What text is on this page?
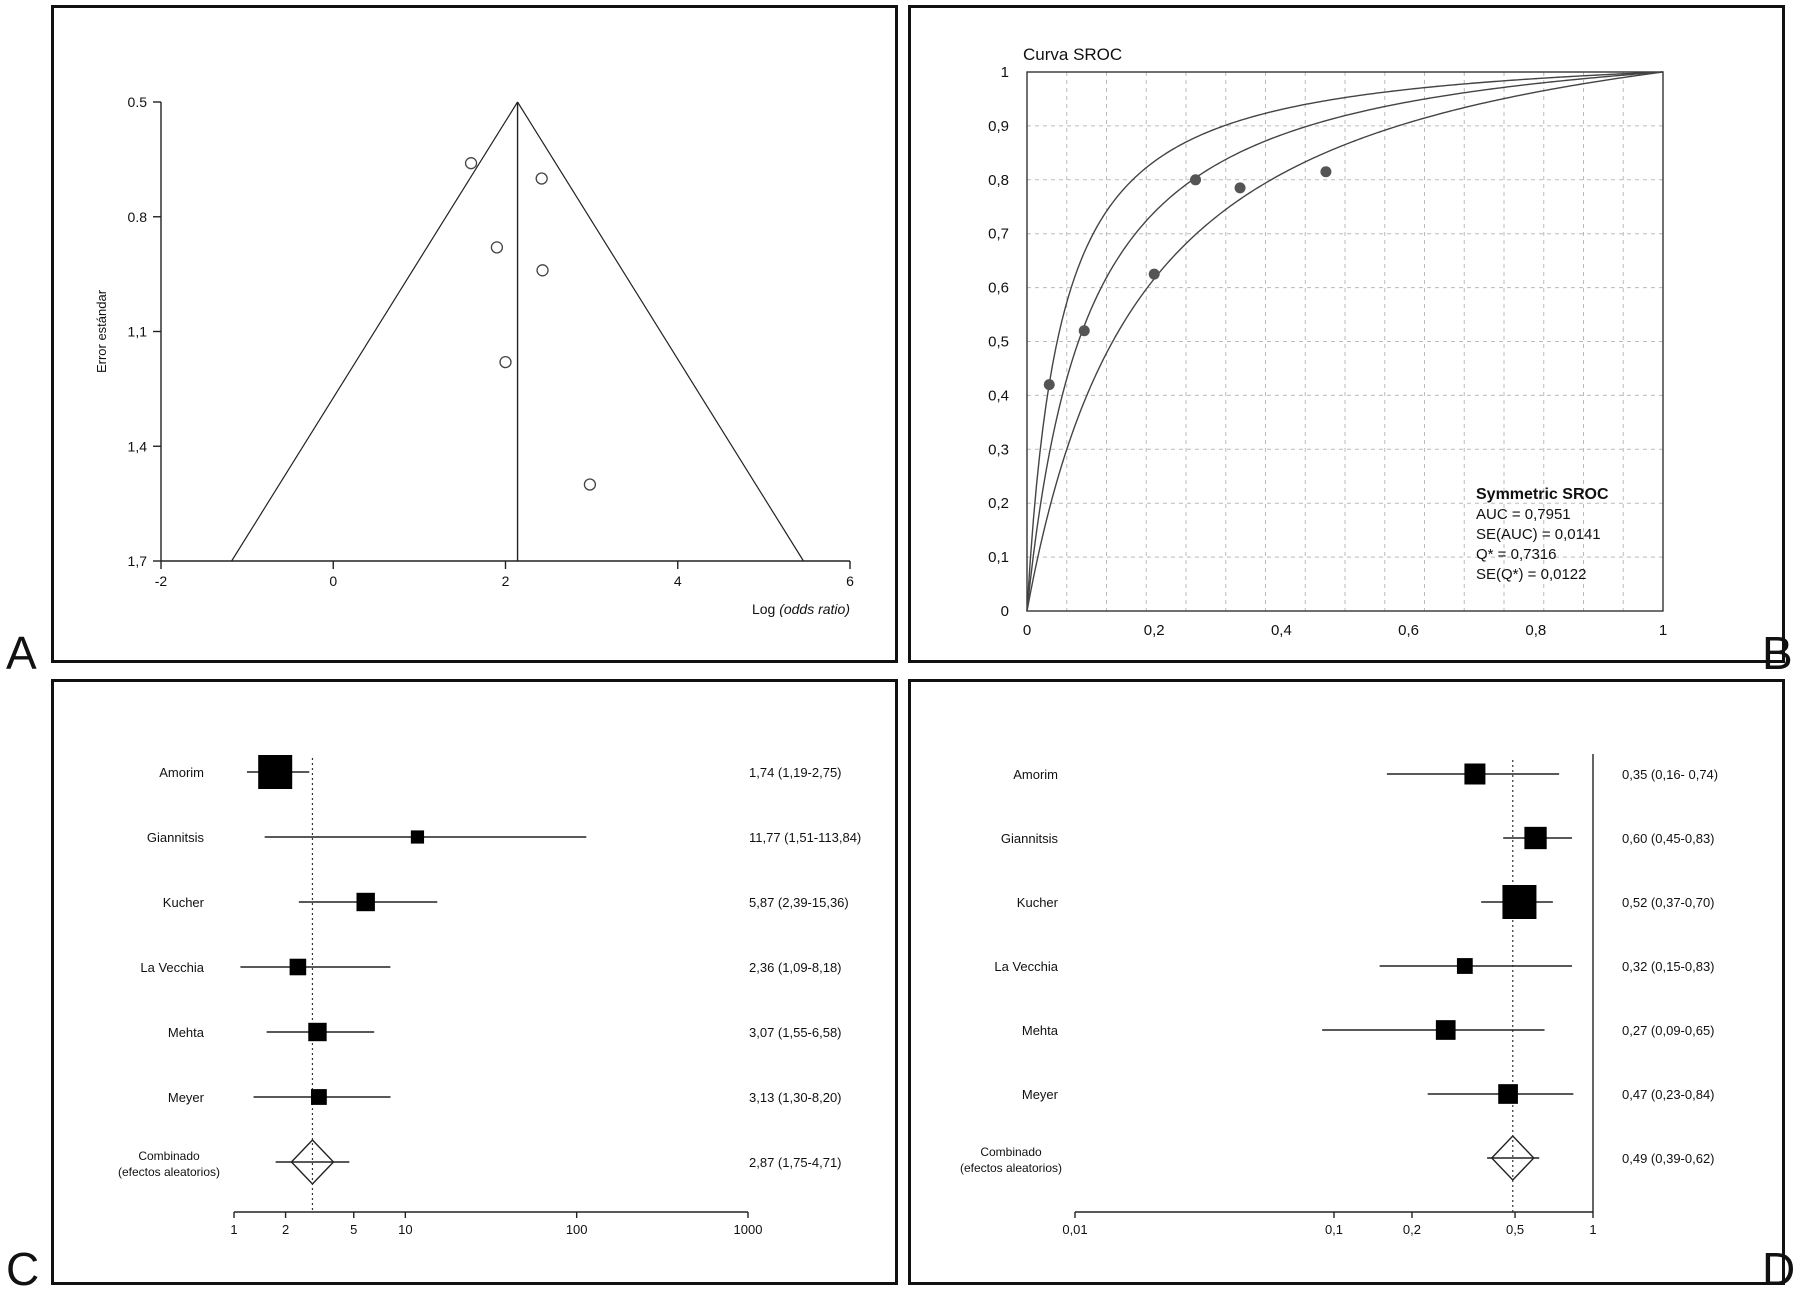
0.5
0.8
1,1
1,4
1,7
-2	0	2	4	6
Log (odds ratio)
Error estándar
A
Curva SROC
0
0,1
0,2
0,3
0,4
0,5
0,6
0,7
0,8
0,9
1
0	0,2	0,4	0,6	0,8	1
Symmetric SROC
AUC = 0,7951
SE(AUC) = 0,0141
Q* = 0,7316
SE(Q*) = 0,0122
B
1	2	5	10	100	1000
Amorim	1,74 (1,19-2,75)
Giannitsis	11,77 (1,51-113,84)
Kucher	5,87 (2,39-15,36)
La Vecchia	2,36 (1,09-8,18)
Mehta	3,07 (1,55-6,58)
Meyer	3,13 (1,30-8,20)
Combinado
(efectos aleatorios)
2,87 (1,75-4,71)
C
0,01	0,1	0,2	0,5	1
Amorim	0,35 (0,16- 0,74)
Giannitsis	0,60 (0,45-0,83)
Kucher	0,52 (0,37-0,70)
La Vecchia	0,32 (0,15-0,83)
Mehta	0,27 (0,09-0,65)
Meyer	0,47 (0,23-0,84)
Combinado
(efectos aleatorios)
0,49 (0,39-0,62)
D
